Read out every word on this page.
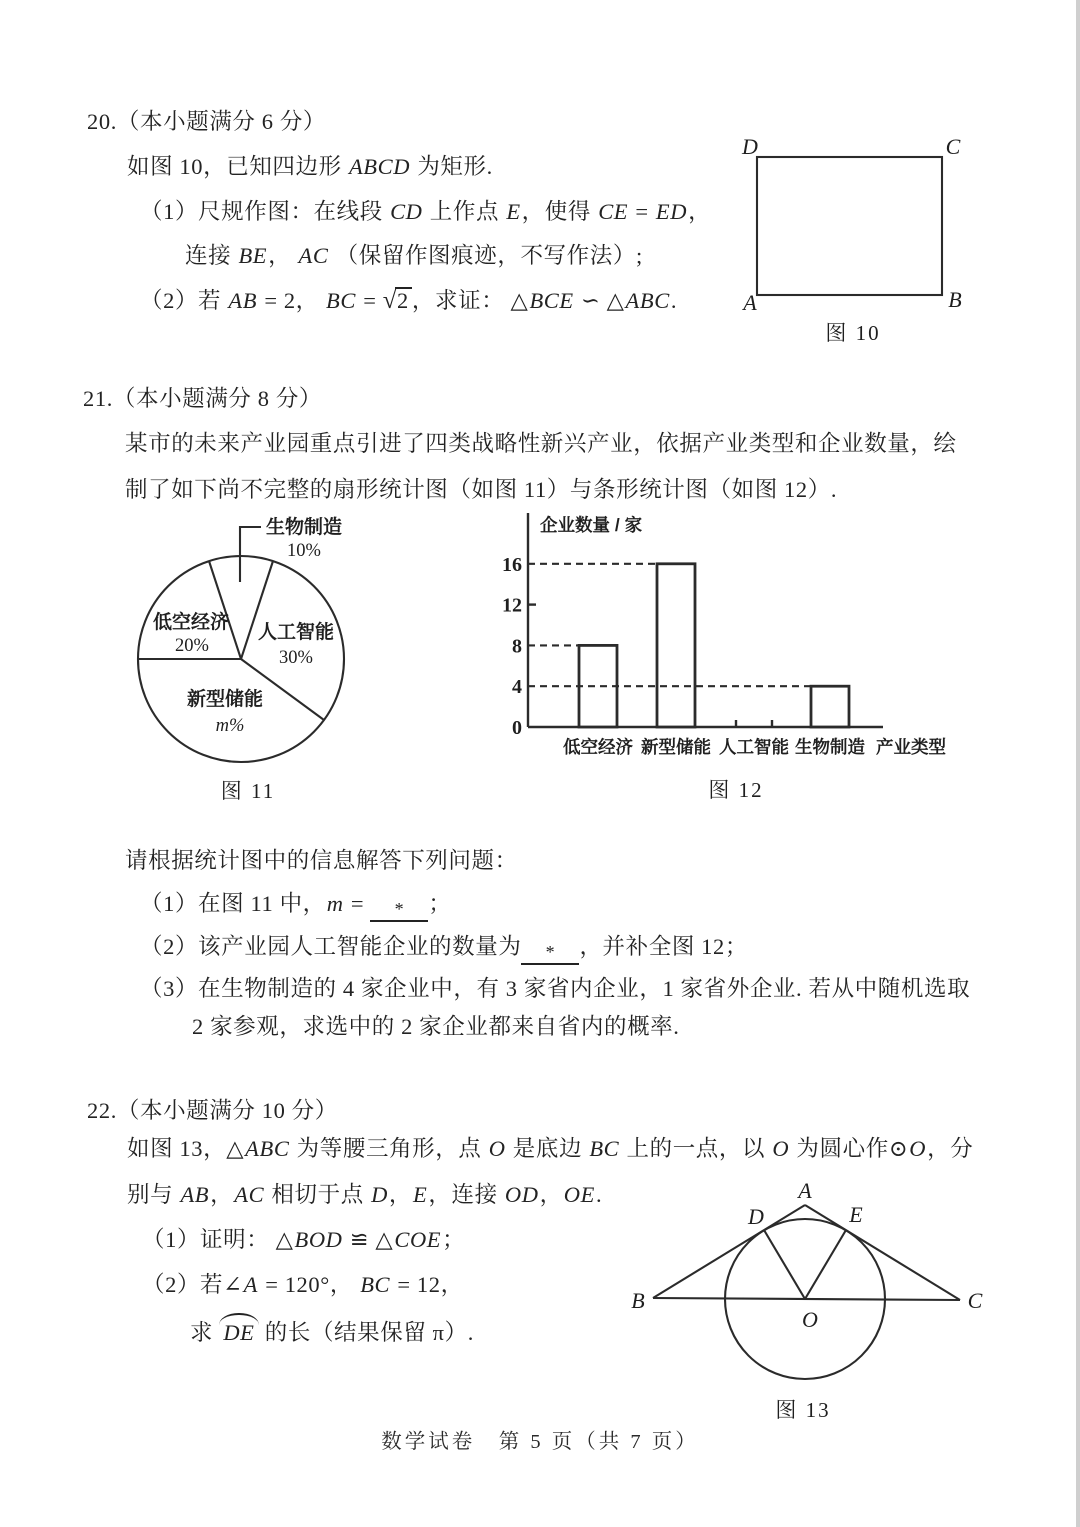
20.（本小题满分 6 分）
如图 10，已知四边形 ABCD 为矩形.
（1）尺规作图：在线段 CD 上作点 E，使得 CE = ED，
连接 BE， AC （保留作图痕迹，不写作法）;
（2）若 AB = 2， BC = √2 ，求证： △BCE ∽ △ABC.
D	C
A	B
图 10
21.（本小题满分 8 分）
某市的未来产业园重点引进了四类战略性新兴产业，依据产业类型和企业数量，绘
制了如下尚不完整的扇形统计图（如图 11）与条形统计图（如图 12）.
请根据统计图中的信息解答下列问题：
（1）在图 11 中，m = * ；
（2）该产业园人工智能企业的数量为 * ，并补全图 12；
（3）在生物制造的 4 家企业中，有 3 家省内企业，1 家省外企业. 若从中随机选取
2 家参观，求选中的 2 家企业都来自省内的概率.
生物制造
10%
低空经济
20%
人工智能
30%
新型储能
m%
图 11	图 12
企业数量 / 家
0
4
8
12
16
低空经济 新型储能 人工智能 生物制造 产业类型
22.（本小题满分 10 分）
如图 13，△ABC 为等腰三角形，点 O 是底边 BC 上的一点，以 O 为圆心作⊙O，分
别与 AB，AC 相切于点 D，E，连接 OD，OE.
（1）证明： △BOD ≌ △COE；
（2）若∠A = 120°， BC = 12，
求 DE 的长（结果保留 π）.
A
D	E
B	C
O
图 13
数学试卷　第 5 页（共 7 页）
